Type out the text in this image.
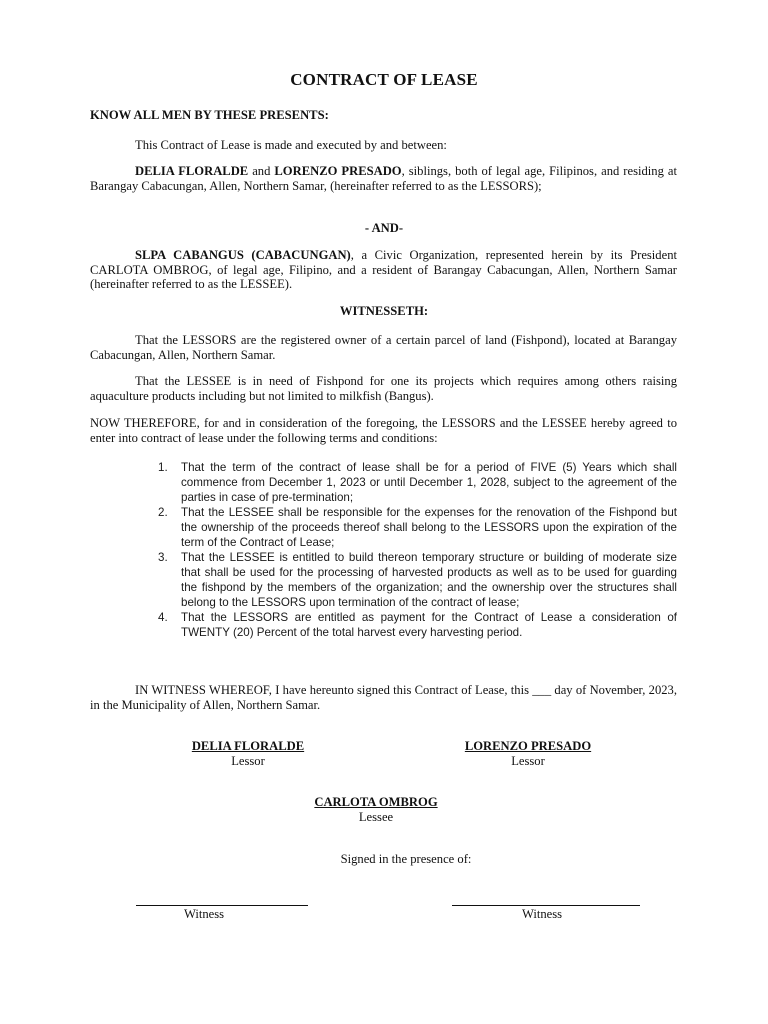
CONTRACT OF LEASE
KNOW ALL MEN BY THESE PRESENTS:
This Contract of Lease is made and executed by and between:
DELIA FLORALDE and LORENZO PRESADO, siblings, both of legal age, Filipinos, and residing at Barangay Cabacungan, Allen, Northern Samar, (hereinafter referred to as the LESSORS);
- AND-
SLPA CABANGUS (CABACUNGAN), a Civic Organization, represented herein by its President CARLOTA OMBROG, of legal age, Filipino, and a resident of Barangay Cabacungan, Allen, Northern Samar (hereinafter referred to as the LESSEE).
WITNESSETH:
That the LESSORS are the registered owner of a certain parcel of land (Fishpond), located at Barangay Cabacungan, Allen, Northern Samar.
That the LESSEE is in need of Fishpond for one its projects which requires among others raising aquaculture products including but not limited to milkfish (Bangus).
NOW THEREFORE, for and in consideration of the foregoing, the LESSORS and the LESSEE hereby agreed to enter into contract of lease under the following terms and conditions:
1. That the term of the contract of lease shall be for a period of FIVE (5) Years which shall commence from December 1, 2023 or until December 1, 2028, subject to the agreement of the parties in case of pre-termination;
2. That the LESSEE shall be responsible for the expenses for the renovation of the Fishpond but the ownership of the proceeds thereof shall belong to the LESSORS upon the expiration of the term of the Contract of Lease;
3. That the LESSEE is entitled to build thereon temporary structure or building of moderate size that shall be used for the processing of harvested products as well as to be used for guarding the fishpond by the members of the organization; and the ownership over the structures shall belong to the LESSORS upon termination of the contract of lease;
4. That the LESSORS are entitled as payment for the Contract of Lease a consideration of TWENTY (20) Percent of the total harvest every harvesting period.
IN WITNESS WHEREOF, I have hereunto signed this Contract of Lease, this ___ day of November, 2023, in the Municipality of Allen, Northern Samar.
DELIA FLORALDE
Lessor
LORENZO PRESADO
Lessor
CARLOTA OMBROG
Lessee
Signed in the presence of:
Witness	Witness
